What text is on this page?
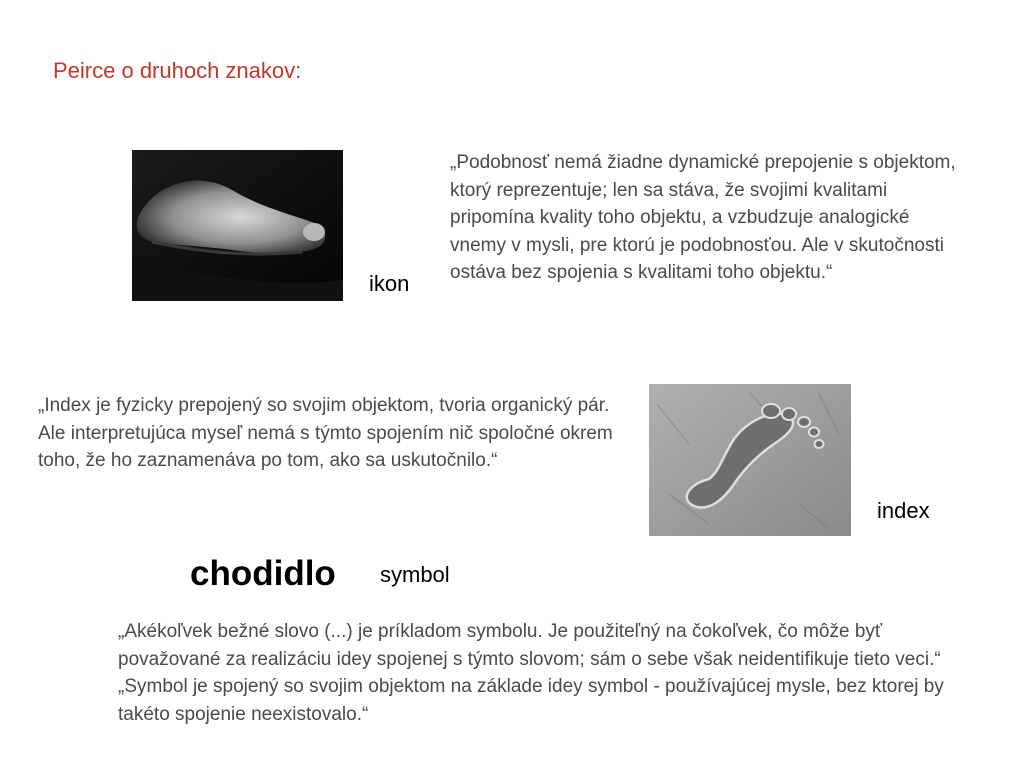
Peirce o druhoch znakov:
„Podobnosť nemá žiadne dynamické prepojenie s objektom, ktorý reprezentuje; len sa stáva, že svojimi kvalitami pripomína kvality toho objektu, a vzbudzuje analogické vnemy v mysli, pre ktorú je podobnosťou. Ale v skutočnosti ostáva bez spojenia s kvalitami toho objektu.“
ikon
„Index je fyzicky prepojený so svojim objektom, tvoria organický pár. Ale interpretujúca myseľ nemá s týmto spojením nič spoločné okrem toho, že ho zaznamenáva po tom, ako sa uskutočnilo.“
index
chodidlo symbol
„Akékoľvek bežné slovo (...) je príkladom symbolu. Je použiteľný na čokoľvek, čo môže byť považované za realizáciu idey spojenej s týmto slovom; sám o sebe však neidentifikuje tieto veci.“ „Symbol je spojený so svojim objektom na základe idey symbol - používajúcej mysle, bez ktorej by takéto spojenie neexistovalo.“
